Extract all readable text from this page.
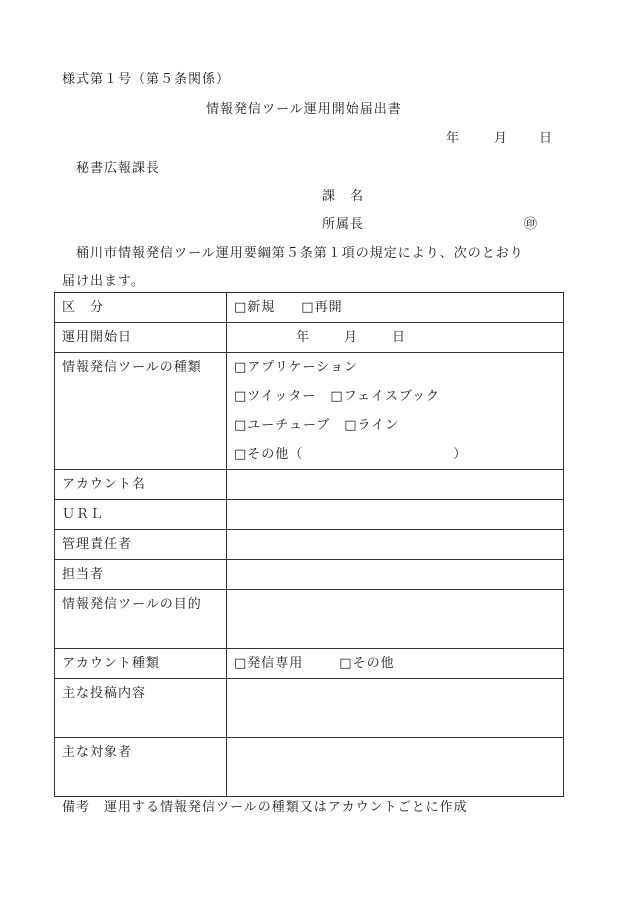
様式第１号（第５条関係）
情報発信ツール運用開始届出書
年	月 日
秘書広報課長
課　名
所属長	㊞
桶川市情報発信ツール運用要綱第５条第１項の規定により、次のとおり
届け出ます。
区　分	□新規 □再開
運用開始日	年 月 日
情報発信ツールの種類	□アプリケーション
□ツイッター □フェイスブック
□ユーチューブ □ライン
□その他（ ）

アカウント名	
ＵＲＬ	
管理責任者	
担当者	
情報発信ツールの目的	
アカウント種類	□発信専用 □その他
主な投稿内容	
主な対象者	
備考　運用する情報発信ツールの種類又はアカウントごとに作成
